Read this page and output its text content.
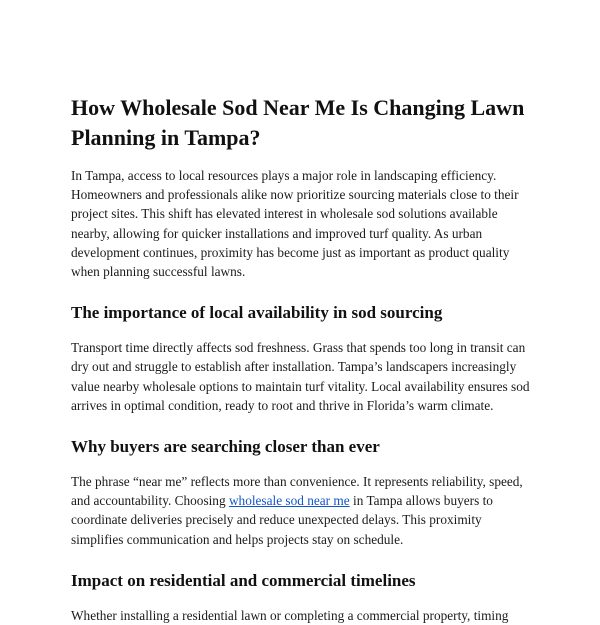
How Wholesale Sod Near Me Is Changing Lawn Planning in Tampa?

In Tampa, access to local resources plays a major role in landscaping efficiency. Homeowners and professionals alike now prioritize sourcing materials close to their project sites. This shift has elevated interest in wholesale sod solutions available nearby, allowing for quicker installations and improved turf quality. As urban development continues, proximity has become just as important as product quality when planning successful lawns.

The importance of local availability in sod sourcing

Transport time directly affects sod freshness. Grass that spends too long in transit can dry out and struggle to establish after installation. Tampa’s landscapers increasingly value nearby wholesale options to maintain turf vitality. Local availability ensures sod arrives in optimal condition, ready to root and thrive in Florida’s warm climate.

Why buyers are searching closer than ever

The phrase “near me” reflects more than convenience. It represents reliability, speed, and accountability. Choosing wholesale sod near me in Tampa allows buyers to coordinate deliveries precisely and reduce unexpected delays. This proximity simplifies communication and helps projects stay on schedule.

Impact on residential and commercial timelines

Whether installing a residential lawn or completing a commercial property, timing
